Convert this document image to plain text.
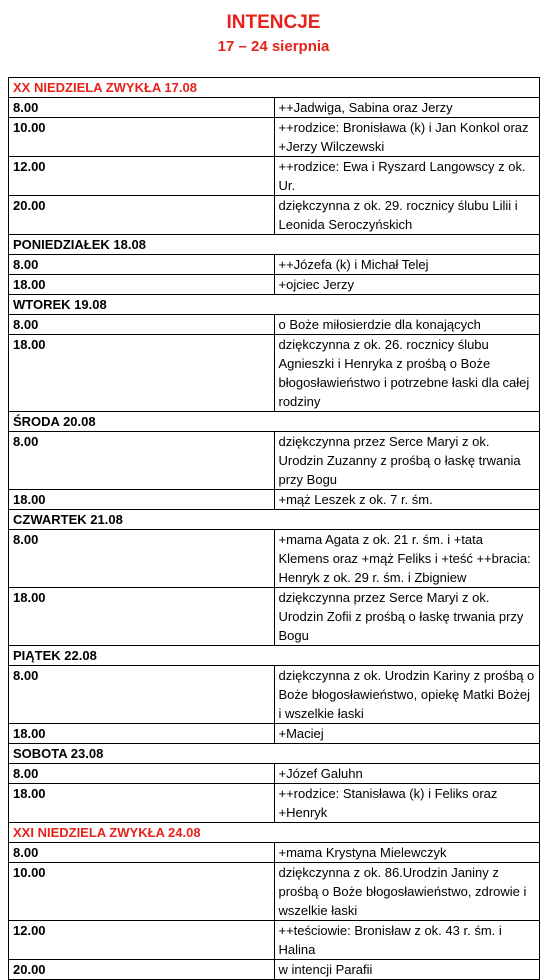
INTENCJE
17 – 24 sierpnia
XX NIEDZIELA ZWYKŁA 17.08	
8.00	++Jadwiga, Sabina oraz Jerzy
10.00	++rodzice: Bronisława (k) i Jan Konkol oraz +Jerzy Wilczewski
12.00	++rodzice: Ewa i Ryszard Langowscy z ok. Ur.
20.00	dziękczynna z ok. 29. rocznicy ślubu Lilii i Leonida Seroczyńskich
PONIEDZIAŁEK 18.08	
8.00	++Józefa (k) i Michał Telej
18.00	+ojciec Jerzy
WTOREK 19.08	
8.00	o Boże miłosierdzie dla konających
18.00	dziękczynna z ok. 26. rocznicy ślubu Agnieszki i Henryka z prośbą o Boże błogosławieństwo i potrzebne łaski dla całej rodziny
ŚRODA 20.08	
8.00	dziękczynna przez Serce Maryi z ok. Urodzin Zuzanny z prośbą o łaskę trwania przy Bogu
18.00	+mąż Leszek z ok. 7 r. śm.
CZWARTEK 21.08	
8.00	+mama Agata z ok. 21 r. śm. i +tata Klemens oraz +mąż Feliks i +teść ++bracia: Henryk z ok. 29 r. śm. i Zbigniew
18.00	dziękczynna przez Serce Maryi z ok. Urodzin Zofii z prośbą o łaskę trwania przy Bogu
PIĄTEK 22.08	
8.00	dziękczynna z ok. Urodzin Kariny z prośbą o Boże błogosławieństwo, opiekę Matki Bożej i wszelkie łaski
18.00	+Maciej
SOBOTA 23.08	
8.00	+Józef Galuhn
18.00	++rodzice: Stanisława (k) i Feliks oraz +Henryk
XXI NIEDZIELA ZWYKŁA 24.08	
8.00	+mama Krystyna Mielewczyk
10.00	dziękczynna z ok. 86.Urodzin Janiny z prośbą o Boże błogosławieństwo, zdrowie i wszelkie łaski
12.00	++teściowie: Bronisław z ok. 43 r. śm. i Halina
20.00	w intencji Parafii
